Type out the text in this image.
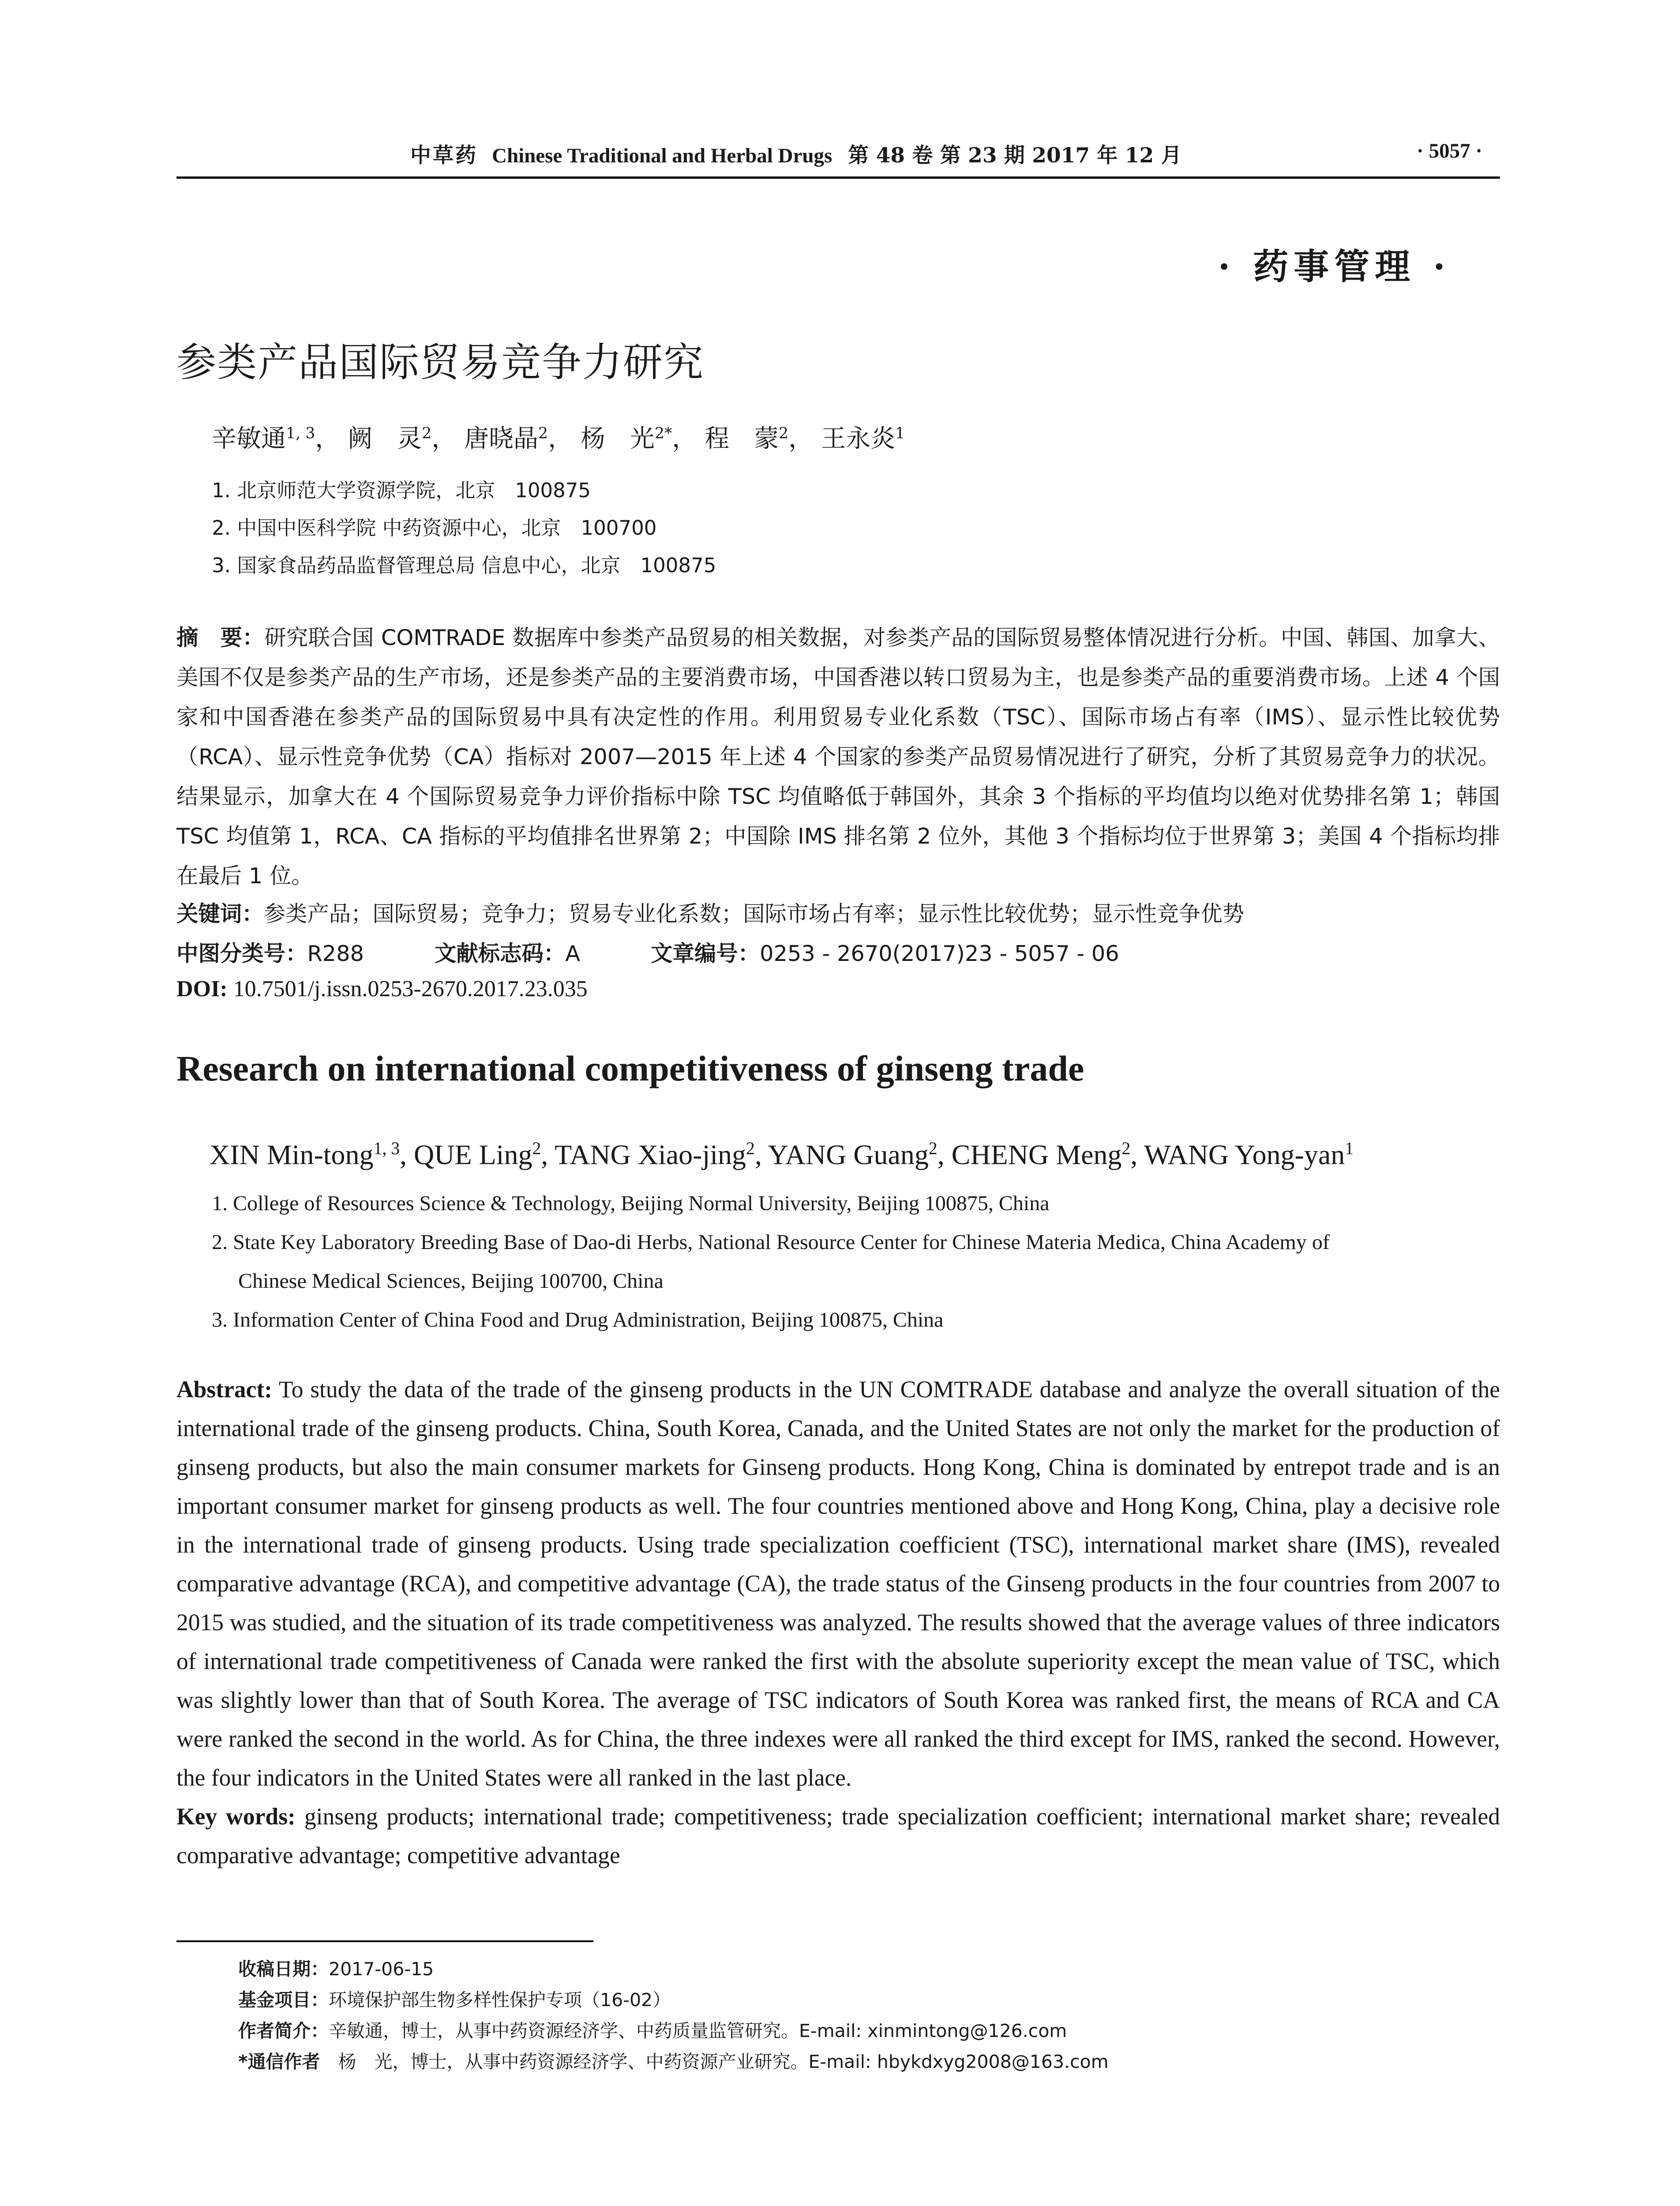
中草药 Chinese Traditional and Herbal Drugs 第 48 卷 第 23 期 2017 年 12 月	· 5057 ·
· 药事管理 ·
参类产品国际贸易竞争力研究
辛敏通$^{1, 3}$， 阙　灵$^2$， 唐晓晶$^2$， 杨　光$^{2*}$， 程　蒙$^2$， 王永炎$^1$
1. 北京师范大学资源学院，北京　100875
2. 中国中医科学院 中药资源中心，北京　100700
3. 国家食品药品监督管理总局 信息中心，北京　100875
摘　要：研究联合国 COMTRADE 数据库中参类产品贸易的相关数据，对参类产品的国际贸易整体情况进行分析。中国、韩国、加拿大、美国不仅是参类产品的生产市场，还是参类产品的主要消费市场，中国香港以转口贸易为主，也是参类产品的重要消费市场。上述 4 个国家和中国香港在参类产品的国际贸易中具有决定性的作用。利用贸易专业化系数（TSC）、国际市场占有率（IMS）、显示性比较优势（RCA）、显示性竞争优势（CA）指标对 2007—2015 年上述 4 个国家的参类产品贸易情况进行了研究，分析了其贸易竞争力的状况。结果显示，加拿大在 4 个国际贸易竞争力评价指标中除 TSC 均值略低于韩国外，其余 3 个指标的平均值均以绝对优势排名第 1；韩国 TSC 均值第 1，RCA、CA 指标的平均值排名世界第 2；中国除 IMS 排名第 2 位外，其他 3 个指标均位于世界第 3；美国 4 个指标均排在最后 1 位。
关键词：参类产品；国际贸易；竞争力；贸易专业化系数；国际市场占有率；显示性比较优势；显示性竞争优势
中图分类号：R288	文献标志码：A	文章编号：0253 - 2670(2017)23 - 5057 - 06
DOI: 10.7501/j.issn.0253-2670.2017.23.035
Research on international competitiveness of ginseng trade
XIN Min-tong$^{1, 3}$, QUE Ling$^2$, TANG Xiao-jing$^2$, YANG Guang$^2$, CHENG Meng$^2$, WANG Yong-yan$^1$
1. College of Resources Science & Technology, Beijing Normal University, Beijing 100875, China
2. State Key Laboratory Breeding Base of Dao-di Herbs, National Resource Center for Chinese Materia Medica, China Academy of
Chinese Medical Sciences, Beijing 100700, China
3. Information Center of China Food and Drug Administration, Beijing 100875, China

Abstract: To study the data of the trade of the ginseng products in the UN COMTRADE database and analyze the overall situation of the international trade of the ginseng products. China, South Korea, Canada, and the United States are not only the market for the production of ginseng products, but also the main consumer markets for Ginseng products. Hong Kong, China is dominated by entrepot trade and is an important consumer market for ginseng products as well. The four countries mentioned above and Hong Kong, China, play a decisive role in the international trade of ginseng products. Using trade specialization coefficient (TSC), international market share (IMS), revealed comparative advantage (RCA), and competitive advantage (CA), the trade status of the Ginseng products in the four countries from 2007 to 2015 was studied, and the situation of its trade competitiveness was analyzed. The results showed that the average values of three indicators of international trade competitiveness of Canada were ranked the first with the absolute superiority except the mean value of TSC, which was slightly lower than that of South Korea. The average of TSC indicators of South Korea was ranked first, the means of RCA and CA were ranked the second in the world. As for China, the three indexes were all ranked the third except for IMS, ranked the second. However, the four indicators in the United States were all ranked in the last place.

Key words: ginseng products; international trade; competitiveness; trade specialization coefficient; international market share; revealed comparative advantage; competitive advantage

收稿日期：2017-06-15
基金项目：环境保护部生物多样性保护专项（16-02）
作者简介：辛敏通，博士，从事中药资源经济学、中药质量监管研究。E-mail: xinmintong@126.com
*通信作者　杨　光，博士，从事中药资源经济学、中药资源产业研究。E-mail: hbykdxyg2008@163.com
